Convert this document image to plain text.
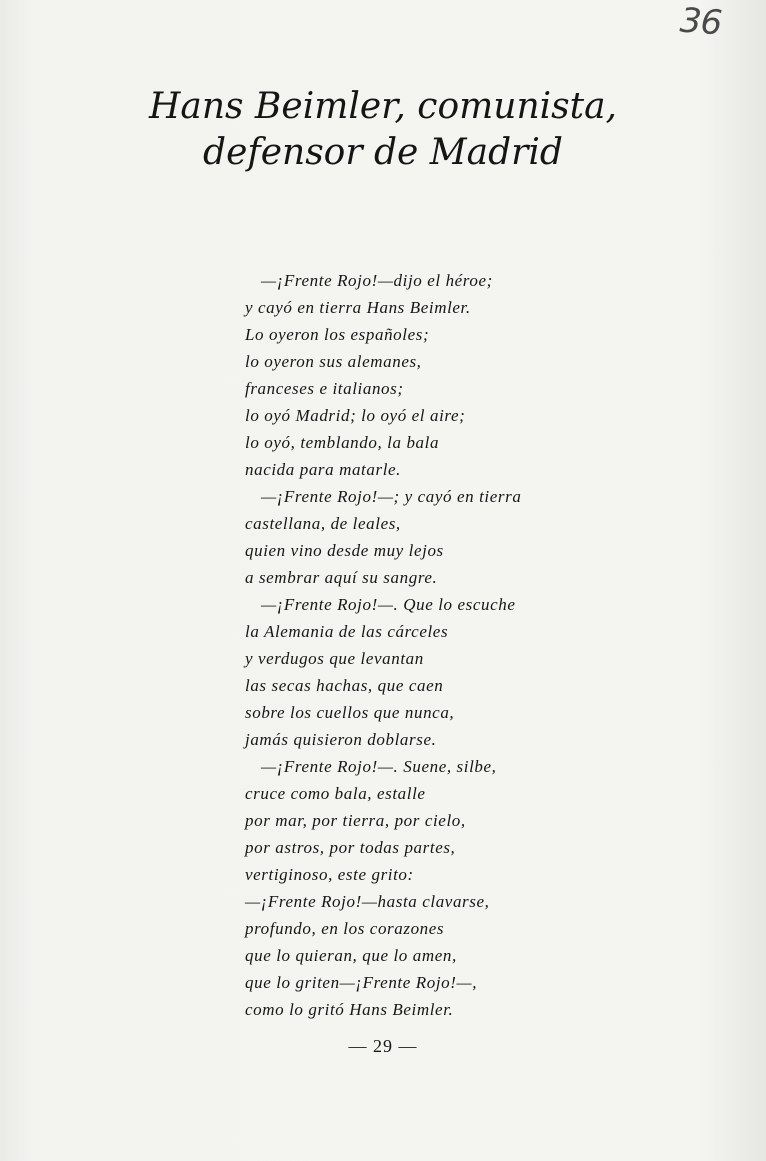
36
Hans Beimler, comunista,
defensor de Madrid
—¡Frente Rojo!—dijo el héroe;
y cayó en tierra Hans Beimler.
Lo oyeron los españoles;
lo oyeron sus alemanes,
franceses e italianos;
lo oyó Madrid; lo oyó el aire;
lo oyó, temblando, la bala
nacida para matarle.
—¡Frente Rojo!—; y cayó en tierra
castellana, de leales,
quien vino desde muy lejos
a sembrar aquí su sangre.
—¡Frente Rojo!—. Que lo escuche
la Alemania de las cárceles
y verdugos que levantan
las secas hachas, que caen
sobre los cuellos que nunca,
jamás quisieron doblarse.
—¡Frente Rojo!—. Suene, silbe,
cruce como bala, estalle
por mar, por tierra, por cielo,
por astros, por todas partes,
vertiginoso, este grito:
—¡Frente Rojo!—hasta clavarse,
profundo, en los corazones
que lo quieran, que lo amen,
que lo griten—¡Frente Rojo!—,
como lo gritó Hans Beimler.
— 29 —
